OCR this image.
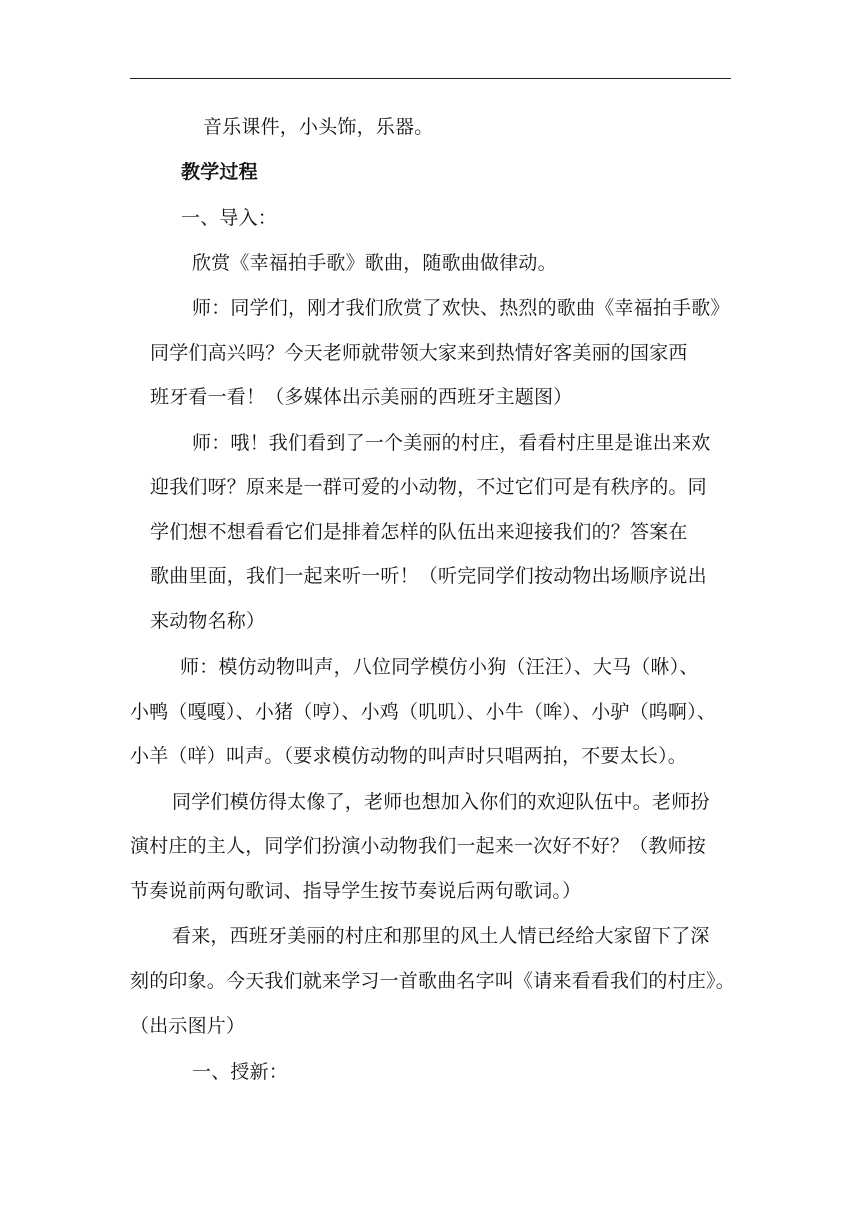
音乐课件，小头饰，乐器。
教学过程
一、导入：
欣赏《幸福拍手歌》歌曲，随歌曲做律动。
师：同学们，刚才我们欣赏了欢快、热烈的歌曲《幸福拍手歌》
同学们高兴吗？今天老师就带领大家来到热情好客美丽的国家西
班牙看一看！（多媒体出示美丽的西班牙主题图）
师：哦！我们看到了一个美丽的村庄，看看村庄里是谁出来欢
迎我们呀？原来是一群可爱的小动物，不过它们可是有秩序的。同
学们想不想看看它们是排着怎样的队伍出来迎接我们的？答案在
歌曲里面，我们一起来听一听！（听完同学们按动物出场顺序说出
来动物名称）
师：模仿动物叫声，八位同学模仿小狗（汪汪）、大马（咻）、
小鸭（嘎嘎）、小猪（哼）、小鸡（叽叽）、小牛（哞）、小驴（呜啊）、
小羊（咩）叫声。（要求模仿动物的叫声时只唱两拍，不要太长）。
同学们模仿得太像了，老师也想加入你们的欢迎队伍中。老师扮
演村庄的主人，同学们扮演小动物我们一起来一次好不好？（教师按
节奏说前两句歌词、指导学生按节奏说后两句歌词。）
看来，西班牙美丽的村庄和那里的风土人情已经给大家留下了深
刻的印象。今天我们就来学习一首歌曲名字叫《请来看看我们的村庄》。
（出示图片）
一、授新：
